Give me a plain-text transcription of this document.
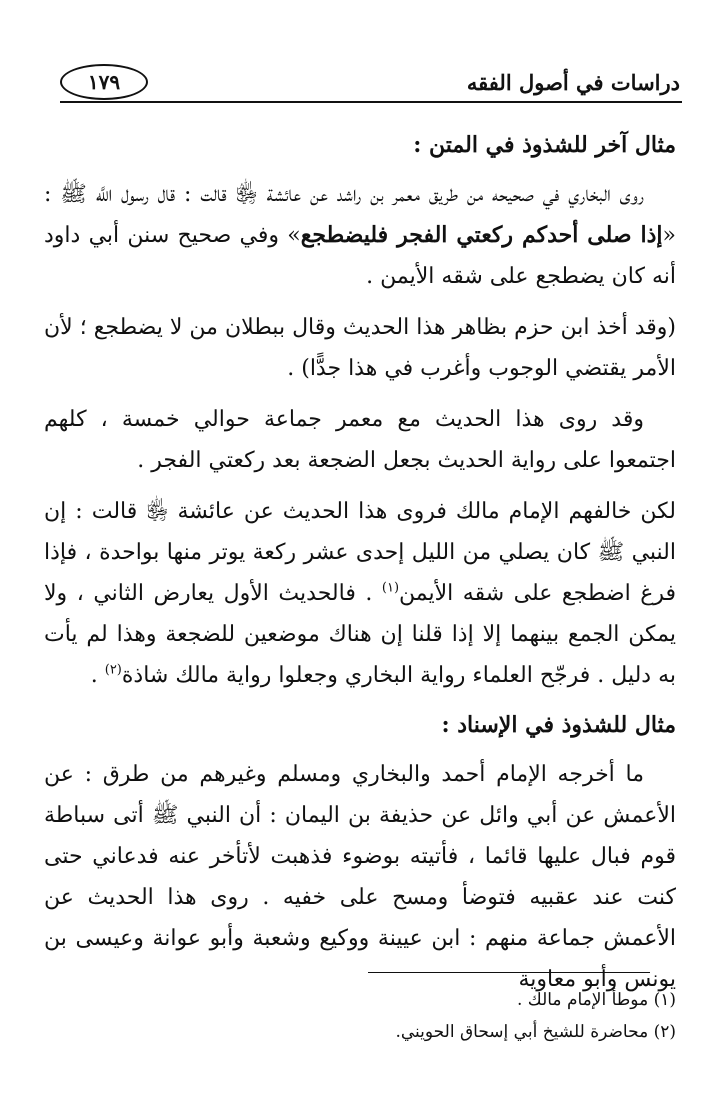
دراسات في أصول الفقه
١٧٩
مثال آخر للشذوذ في المتن :

روى البخاري في صحيحه من طريق معمر بن راشد عن عائشة ﵂ قالت : قال رسول اللَّه ﷺ : «إذا صلى أحدكم ركعتي الفجر فليضطجع» وفي صحيح سنن أبي داود أنه كان يضطجع على شقه الأيمن .

(وقد أخذ ابن حزم بظاهر هذا الحديث وقال ببطلان من لا يضطجع ؛ لأن الأمر يقتضي الوجوب وأغرب في هذا جدًّا) .

وقد روى هذا الحديث مع معمر جماعة حوالي خمسة ، كلهم اجتمعوا على رواية الحديث بجعل الضجعة بعد ركعتي الفجر .

لكن خالفهم الإمام مالك فروى هذا الحديث عن عائشة ﵂ قالت : إن النبي ﷺ كان يصلي من الليل إحدى عشر ركعة يوتر منها بواحدة ، فإذا فرغ اضطجع على شقه الأيمن$^{(١)}$ . فالحديث الأول يعارض الثاني ، ولا يمكن الجمع بينهما إلا إذا قلنا إن هناك موضعين للضجعة وهذا لم يأت به دليل . فرجّح العلماء رواية البخاري وجعلوا رواية مالك شاذة$^{(٢)}$ .

مثال للشذوذ في الإسناد :

ما أخرجه الإمام أحمد والبخاري ومسلم وغيرهم من طرق : عن الأعمش عن أبي وائل عن حذيفة بن اليمان : أن النبي ﷺ أتى سباطة قوم فبال عليها قائما ، فأتيته بوضوء فذهبت لأتأخر عنه فدعاني حتى كنت عند عقبيه فتوضأ ومسح على خفيه . روى هذا الحديث عن الأعمش جماعة منهم : ابن عيينة ووكيع وشعبة وأبو عوانة وعيسى بن يونس وأبو معاوية

(١) موطأ الإمام مالك .
(٢) محاضرة للشيخ أبي إسحاق الحويني.
